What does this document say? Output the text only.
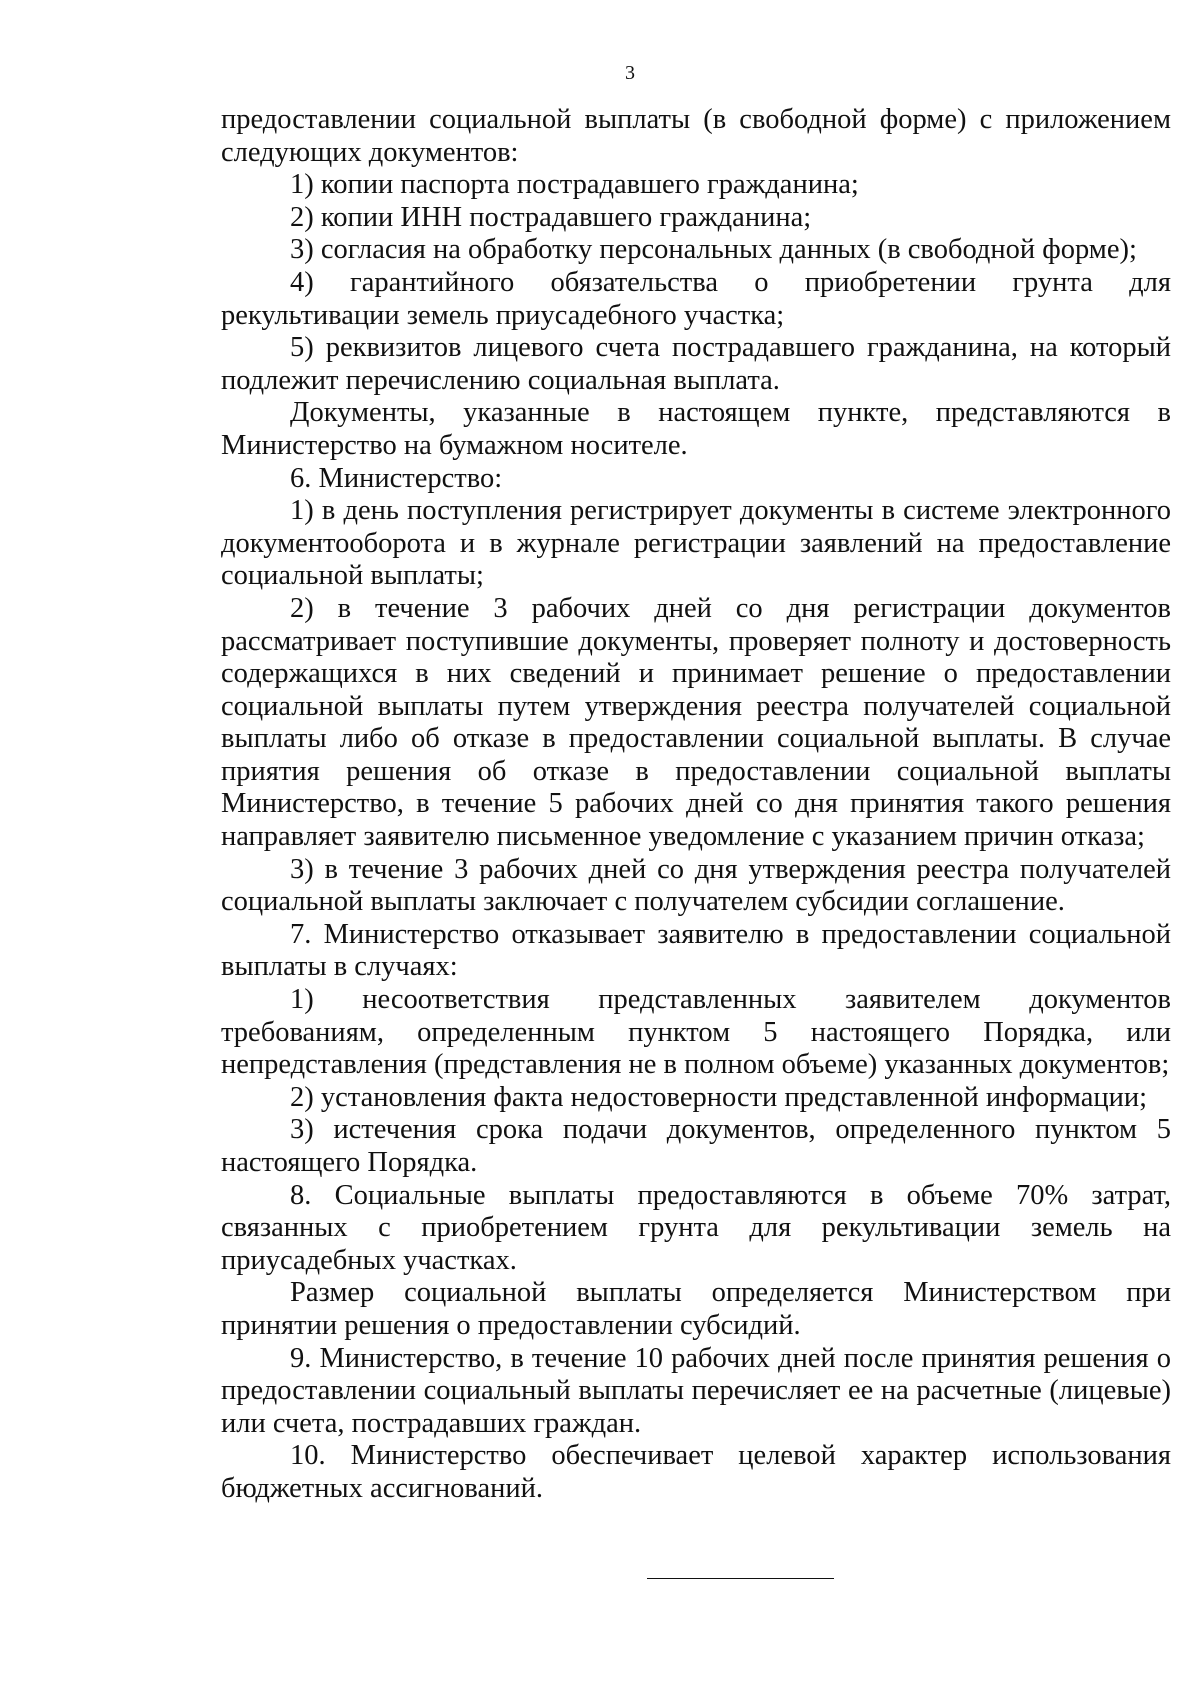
3

предоставлении социальной выплаты (в свободной форме) с приложением следующих документов:

1) копии паспорта пострадавшего гражданина;

2) копии ИНН пострадавшего гражданина;

3) согласия на обработку персональных данных (в свободной форме);

4) гарантийного обязательства о приобретении грунта для рекультивации земель приусадебного участка;

5) реквизитов лицевого счета пострадавшего гражданина, на который подлежит перечислению социальная выплата.

Документы, указанные в настоящем пункте, представляются в Министерство на бумажном носителе.

6. Министерство:

1) в день поступления регистрирует документы в системе электронного документооборота и в журнале регистрации заявлений на предоставление социальной выплаты;

2) в течение 3 рабочих дней со дня регистрации документов рассматривает поступившие документы, проверяет полноту и достоверность содержащихся в них сведений и принимает решение о предоставлении социальной выплаты путем утверждения реестра получателей социальной выплаты либо об отказе в предоставлении социальной выплаты. В случае приятия решения об отказе в предоставлении социальной выплаты Министерство, в течение 5 рабочих дней со дня принятия такого решения направляет заявителю письменное уведомление с указанием причин отказа;

3) в течение 3 рабочих дней со дня утверждения реестра получателей социальной выплаты заключает с получателем субсидии соглашение.

7. Министерство отказывает заявителю в предоставлении социальной выплаты в случаях:

1) несоответствия представленных заявителем документов требованиям, определенным пунктом 5 настоящего Порядка, или непредставления (представления не в полном объеме) указанных документов;

2) установления факта недостоверности представленной информации;

3) истечения срока подачи документов, определенного пунктом 5 настоящего Порядка.

8. Социальные выплаты предоставляются в объеме 70% затрат, связанных с приобретением грунта для рекультивации земель на приусадебных участках.

Размер социальной выплаты определяется Министерством при принятии решения о предоставлении субсидий.

9. Министерство, в течение 10 рабочих дней после принятия решения о предоставлении социальный выплаты перечисляет ее на расчетные (лицевые) или счета, пострадавших граждан.

10. Министерство обеспечивает целевой характер использования бюджетных ассигнований.
